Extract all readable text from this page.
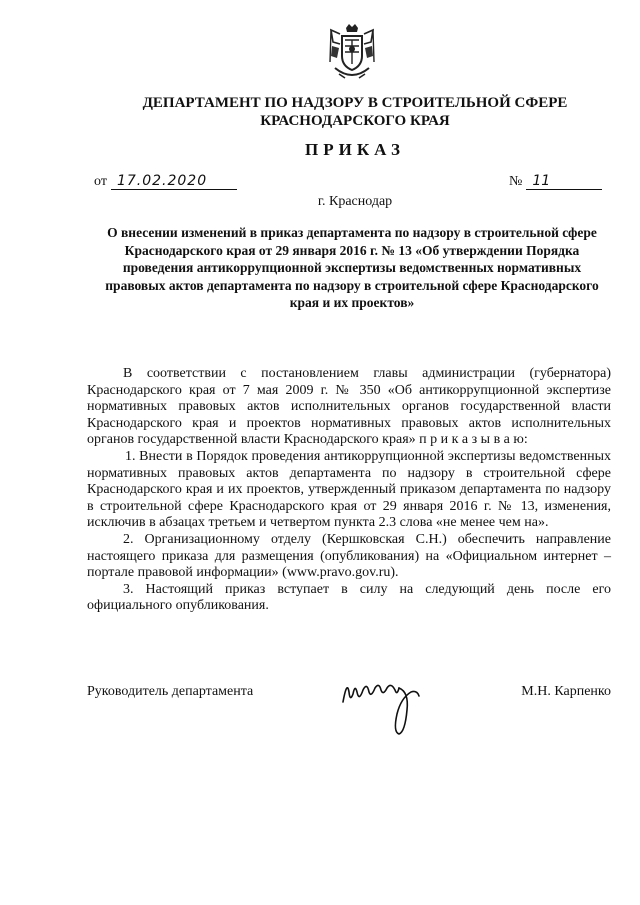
ДЕПАРТАМЕНТ ПО НАДЗОРУ В СТРОИТЕЛЬНОЙ СФЕРЕ
КРАСНОДАРСКОГО КРАЯ
ПРИКАЗ
от 17.02.2020	№ 11
г. Краснодар
О внесении изменений в приказ департамента по надзору в строительной сфере Краснодарского края от 29 января 2016 г. № 13 «Об утверждении Порядка проведения антикоррупционной экспертизы ведомственных нормативных правовых актов департамента по надзору в строительной сфере Краснодарского края и их проектов»

В соответствии с постановлением главы администрации (губернатора) Краснодарского края от 7 мая 2009 г. № 350 «Об антикоррупционной экспертизе нормативных правовых актов исполнительных органов государственной власти Краснодарского края и проектов нормативных правовых актов исполнительных органов государственной власти Краснодарского края» п р и к а з ы в а ю:

1. Внести в Порядок проведения антикоррупционной экспертизы ведомственных нормативных правовых актов департамента по надзору в строительной сфере Краснодарского края и их проектов, утвержденный приказом департамента по надзору в строительной сфере Краснодарского края от 29 января 2016 г. № 13, изменения, исключив в абзацах третьем и четвертом пункта 2.3 слова «не менее чем на».

2. Организационному отделу (Кершковская С.Н.) обеспечить направление настоящего приказа для размещения (опубликования) на «Официальном интернет – портале правовой информации» (www.pravo.gov.ru).

3. Настоящий приказ вступает в силу на следующий день после его официального опубликования.

Руководитель департамента	М.Н. Карпенко
